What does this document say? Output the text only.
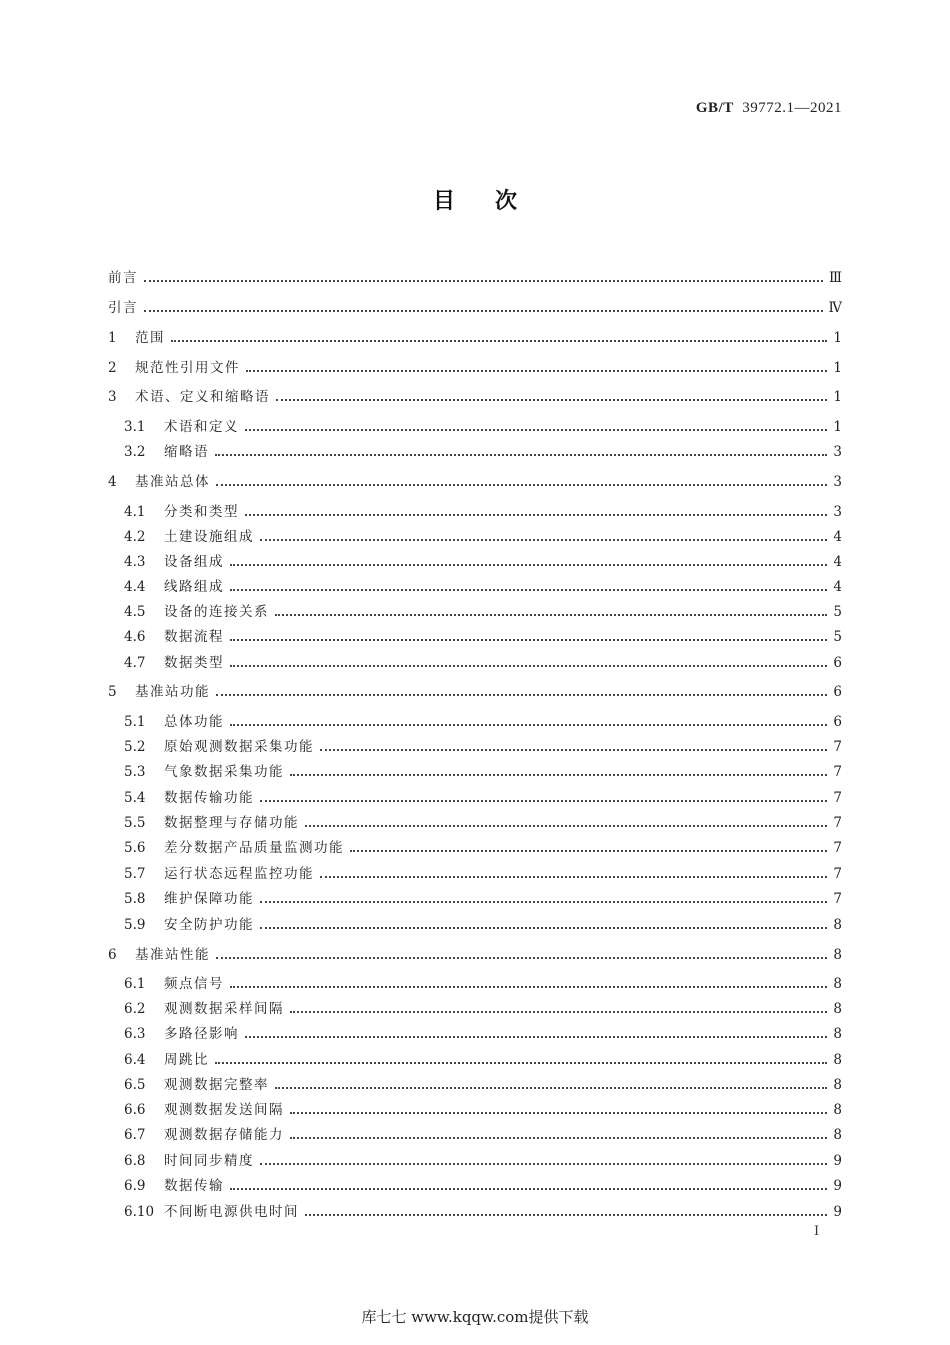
GB/T 39772.1—2021
目次
前言	Ⅲ
引言	Ⅳ
1	范围	1
2	规范性引用文件	1
3	术语、定义和缩略语	1
3.1	术语和定义	1
3.2	缩略语	3
4	基准站总体	3
4.1	分类和类型	3
4.2	土建设施组成	4
4.3	设备组成	4
4.4	线路组成	4
4.5	设备的连接关系	5
4.6	数据流程	5
4.7	数据类型	6
5	基准站功能	6
5.1	总体功能	6
5.2	原始观测数据采集功能	7
5.3	气象数据采集功能	7
5.4	数据传输功能	7
5.5	数据整理与存储功能	7
5.6	差分数据产品质量监测功能	7
5.7	运行状态远程监控功能	7
5.8	维护保障功能	7
5.9	安全防护功能	8
6	基准站性能	8
6.1	频点信号	8
6.2	观测数据采样间隔	8
6.3	多路径影响	8
6.4	周跳比	8
6.5	观测数据完整率	8
6.6	观测数据发送间隔	8
6.7	观测数据存储能力	8
6.8	时间同步精度	9
6.9	数据传输	9
6.10 不间断电源供电时间	9
I
库七七 www.kqqw.com提供下载
